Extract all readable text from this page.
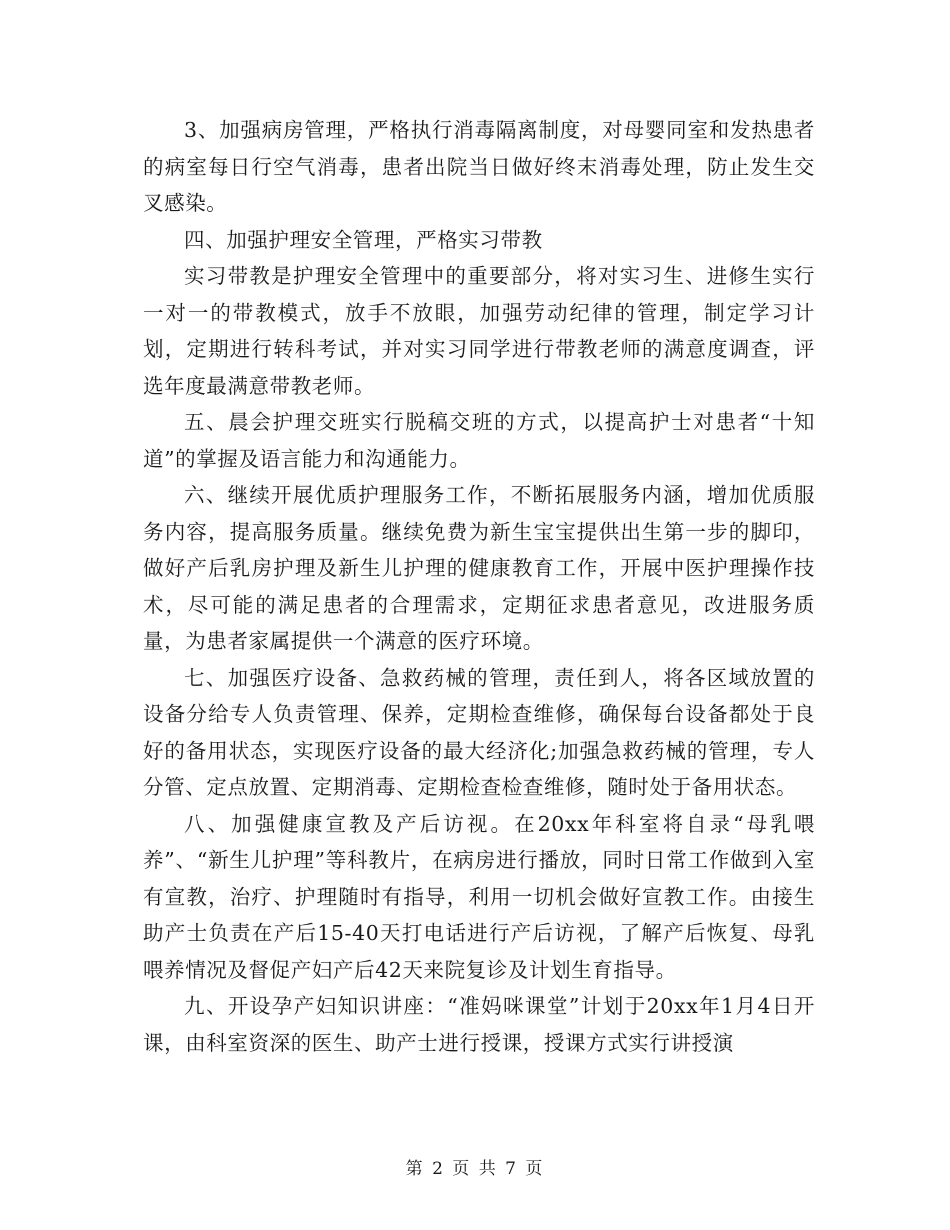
3、加强病房管理，严格执行消毒隔离制度，对母婴同室和发热患者的病室每日行空气消毒，患者出院当日做好终末消毒处理，防止发生交叉感染。

四、加强护理安全管理，严格实习带教

实习带教是护理安全管理中的重要部分，将对实习生、进修生实行一对一的带教模式，放手不放眼，加强劳动纪律的管理，制定学习计划，定期进行转科考试，并对实习同学进行带教老师的满意度调查，评选年度最满意带教老师。

五、晨会护理交班实行脱稿交班的方式，以提高护士对患者“十知道”的掌握及语言能力和沟通能力。

六、继续开展优质护理服务工作，不断拓展服务内涵，增加优质服务内容，提高服务质量。继续免费为新生宝宝提供出生第一步的脚印，做好产后乳房护理及新生儿护理的健康教育工作，开展中医护理操作技术，尽可能的满足患者的合理需求，定期征求患者意见，改进服务质量，为患者家属提供一个满意的医疗环境。

七、加强医疗设备、急救药械的管理，责任到人，将各区域放置的设备分给专人负责管理、保养，定期检查维修，确保每台设备都处于良好的备用状态，实现医疗设备的最大经济化;加强急救药械的管理，专人分管、定点放置、定期消毒、定期检查检查维修，随时处于备用状态。

八、加强健康宣教及产后访视。在20xx年科室将自录“母乳喂养”、“新生儿护理”等科教片，在病房进行播放，同时日常工作做到入室有宣教，治疗、护理随时有指导，利用一切机会做好宣教工作。由接生助产士负责在产后15-40天打电话进行产后访视，了解产后恢复、母乳喂养情况及督促产妇产后42天来院复诊及计划生育指导。

九、开设孕产妇知识讲座：“准妈咪课堂”计划于20xx年1月4日开课，由科室资深的医生、助产士进行授课，授课方式实行讲授演

第 2 页 共 7 页
